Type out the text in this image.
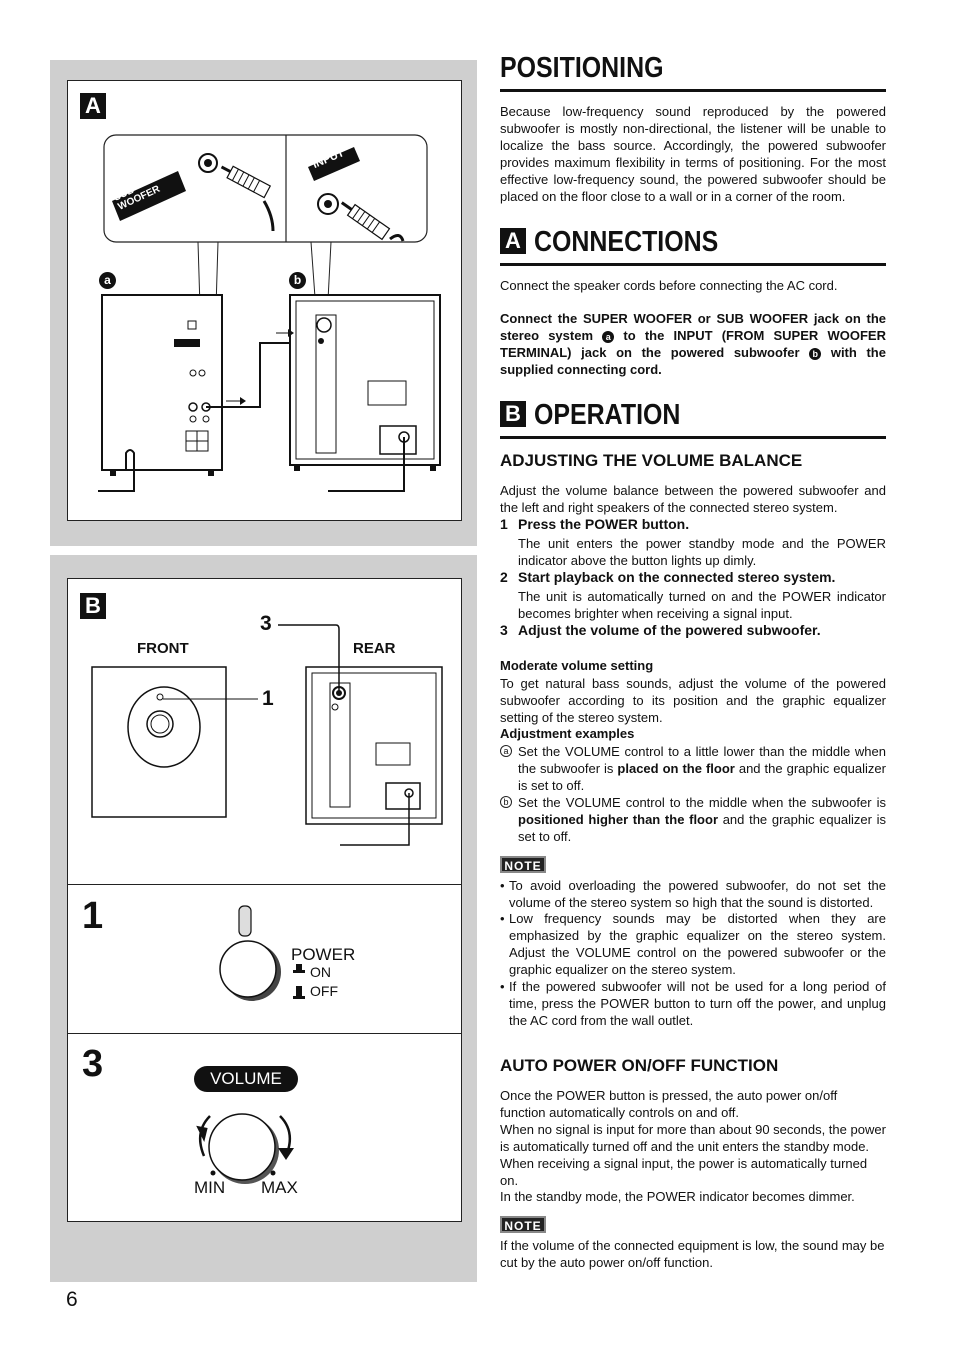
A
SUB WOOFER
INPUT
a	b
B
FRONT	REAR
3
1
1
POWER
ON
OFF
3	VOLUME
MIN MAX
POSITIONING
Because low-frequency sound reproduced by the powered subwoofer is mostly non-directional, the listener will be unable to localize the bass source. Accordingly, the powered subwoofer provides maximum flexibility in terms of positioning. For the most effective low-frequency sound, the powered subwoofer should be placed on the floor close to a wall or in a corner of the room.
A CONNECTIONS
Connect the speaker cords before connecting the AC cord.
Connect the SUPER WOOFER or SUB WOOFER jack on the stereo system a to the INPUT (FROM SUPER WOOFER TERMINAL) jack on the powered subwoofer b with the supplied connecting cord.
B OPERATION
ADJUSTING THE VOLUME BALANCE
Adjust the volume balance between the powered subwoofer and the left and right speakers of the connected stereo system.
1 Press the POWER button.
The unit enters the power standby mode and the POWER indicator above the button lights up dimly.
2 Start playback on the connected stereo system.
The unit is automatically turned on and the POWER indicator becomes brighter when receiving a signal input.
3 Adjust the volume of the powered subwoofer.
Moderate volume setting
To get natural bass sounds, adjust the volume of the powered subwoofer according to its position and the graphic equalizer setting of the stereo system.
Adjustment examples
a Set the VOLUME control to a little lower than the middle when the subwoofer is placed on the floor and the graphic equalizer is set to off.
b Set the VOLUME control to the middle when the subwoofer is positioned higher than the floor and the graphic equalizer is set to off.
NOTE
• To avoid overloading the powered subwoofer, do not set the volume of the stereo system so high that the sound is distorted.
• Low frequency sounds may be distorted when they are emphasized by the graphic equalizer on the stereo system. Adjust the VOLUME control on the powered subwoofer or the graphic equalizer on the stereo system.
• If the powered subwoofer will not be used for a long period of time, press the POWER button to turn off the power, and unplug the AC cord from the wall outlet.
AUTO POWER ON/OFF FUNCTION
Once the POWER button is pressed, the auto power on/off function automatically controls on and off.
When no signal is input for more than about 90 seconds, the power is automatically turned off and the unit enters the standby mode. When receiving a signal input, the power is automatically turned on.
In the standby mode, the POWER indicator becomes dimmer.
NOTE
If the volume of the connected equipment is low, the sound may be cut by the auto power on/off function.
6
